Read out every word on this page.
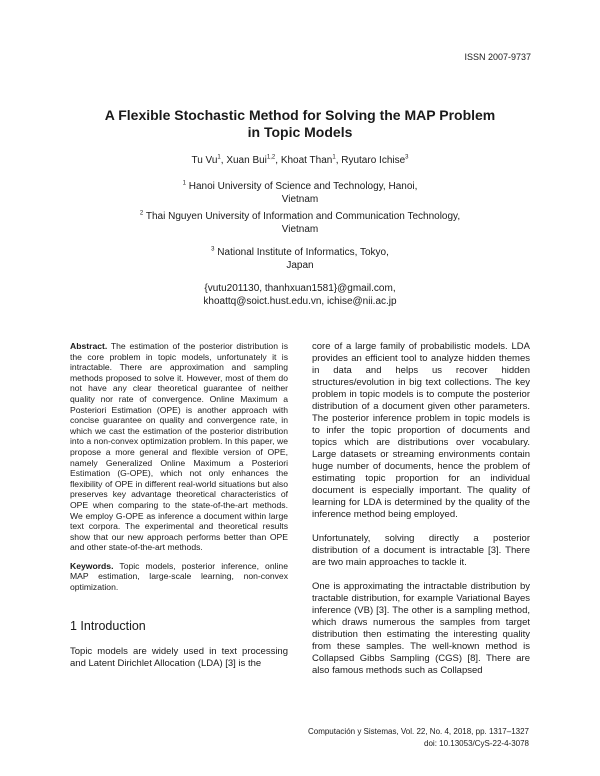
ISSN 2007-9737
A Flexible Stochastic Method for Solving the MAP Problem
in Topic Models
Tu Vu$^1$, Xuan Bui$^{1,2}$, Khoat Than$^1$, Ryutaro Ichise$^3$
$^1$ Hanoi University of Science and Technology, Hanoi,
Vietnam
$^2$ Thai Nguyen University of Information and Communication Technology,
Vietnam
$^3$ National Institute of Informatics, Tokyo,
Japan
{vutu201130, thanhxuan1581}@gmail.com,
khoattq@soict.hust.edu.vn, ichise@nii.ac.jp

Abstract. The estimation of the posterior distribution is the core problem in topic models, unfortunately it is intractable. There are approximation and sampling methods proposed to solve it. However, most of them do not have any clear theoretical guarantee of neither quality nor rate of convergence. Online Maximum a Posteriori Estimation (OPE) is another approach with concise guarantee on quality and convergence rate, in which we cast the estimation of the posterior distribution into a non-convex optimization problem. In this paper, we propose a more general and flexible version of OPE, namely Generalized Online Maximum a Posteriori Estimation (G-OPE), which not only enhances the flexibility of OPE in different real-world situations but also preserves key advantage theoretical characteristics of OPE when comparing to the state-of-the-art methods. We employ G-OPE as inference a document within large text corpora. The experimental and theoretical results show that our new approach performs better than OPE and other state-of-the-art methods.

Keywords. Topic models, posterior inference, online MAP estimation, large-scale learning, non-convex optimization.

1 Introduction
Topic models are widely used in text processing and Latent Dirichlet Allocation (LDA) [3] is the

core of a large family of probabilistic models. LDA provides an efficient tool to analyze hidden themes in data and helps us recover hidden structures/evolution in big text collections. The key problem in topic models is to compute the posterior distribution of a document given other parameters. The posterior inference problem in topic models is to infer the topic proportion of documents and topics which are distributions over vocabulary. Large datasets or streaming environments contain huge number of documents, hence the problem of estimating topic proportion for an individual document is especially important. The quality of learning for LDA is determined by the quality of the inference method being employed.

Unfortunately, solving directly a posterior distribution of a document is intractable [3]. There are two main approaches to tackle it.

One is approximating the intractable distribution by tractable distribution, for example Variational Bayes inference (VB) [3]. The other is a sampling method, which draws numerous the samples from target distribution then estimating the interesting quality from these samples. The well-known method is Collapsed Gibbs Sampling (CGS) [8]. There are also famous methods such as Collapsed

Computación y Sistemas, Vol. 22, No. 4, 2018, pp. 1317–1327
doi: 10.13053/CyS-22-4-3078
